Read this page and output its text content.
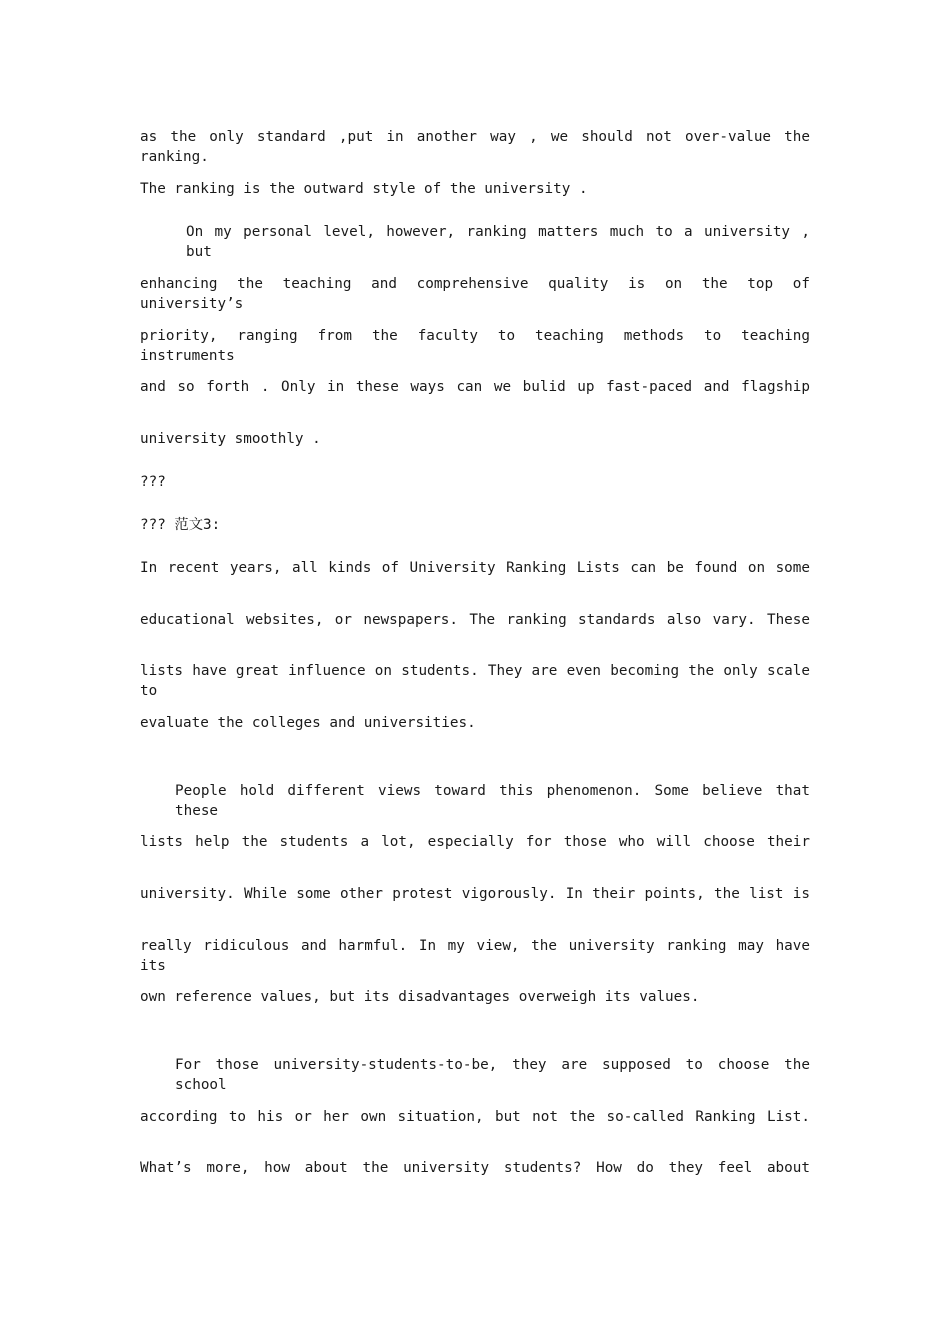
as the only standard ,put in another way , we should not over-value the ranking.
The ranking is the outward style of the university .
On my personal level, however, ranking matters much to a university , but
enhancing the teaching and comprehensive quality is on the top of university’s
priority, ranging from the faculty to teaching methods to teaching instruments
and so forth . Only in these ways can we bulid up fast-paced and flagship
university smoothly .
???
??? 范文3:
In recent years, all kinds of University Ranking Lists can be found on some
educational websites, or newspapers. The ranking standards also vary. These
lists have great influence on students. They are even becoming the only scale to
evaluate the colleges and universities.
People hold different views toward this phenomenon. Some believe that these
lists help the students a lot, especially for those who will choose their
university. While some other protest vigorously. In their points, the list is
really ridiculous and harmful. In my view, the university ranking may have its
own reference values, but its disadvantages overweigh its values.
For those university-students-to-be, they are supposed to choose the school
according to his or her own situation, but not the so-called Ranking List.
What’s more, how about the university students? How do they feel about
